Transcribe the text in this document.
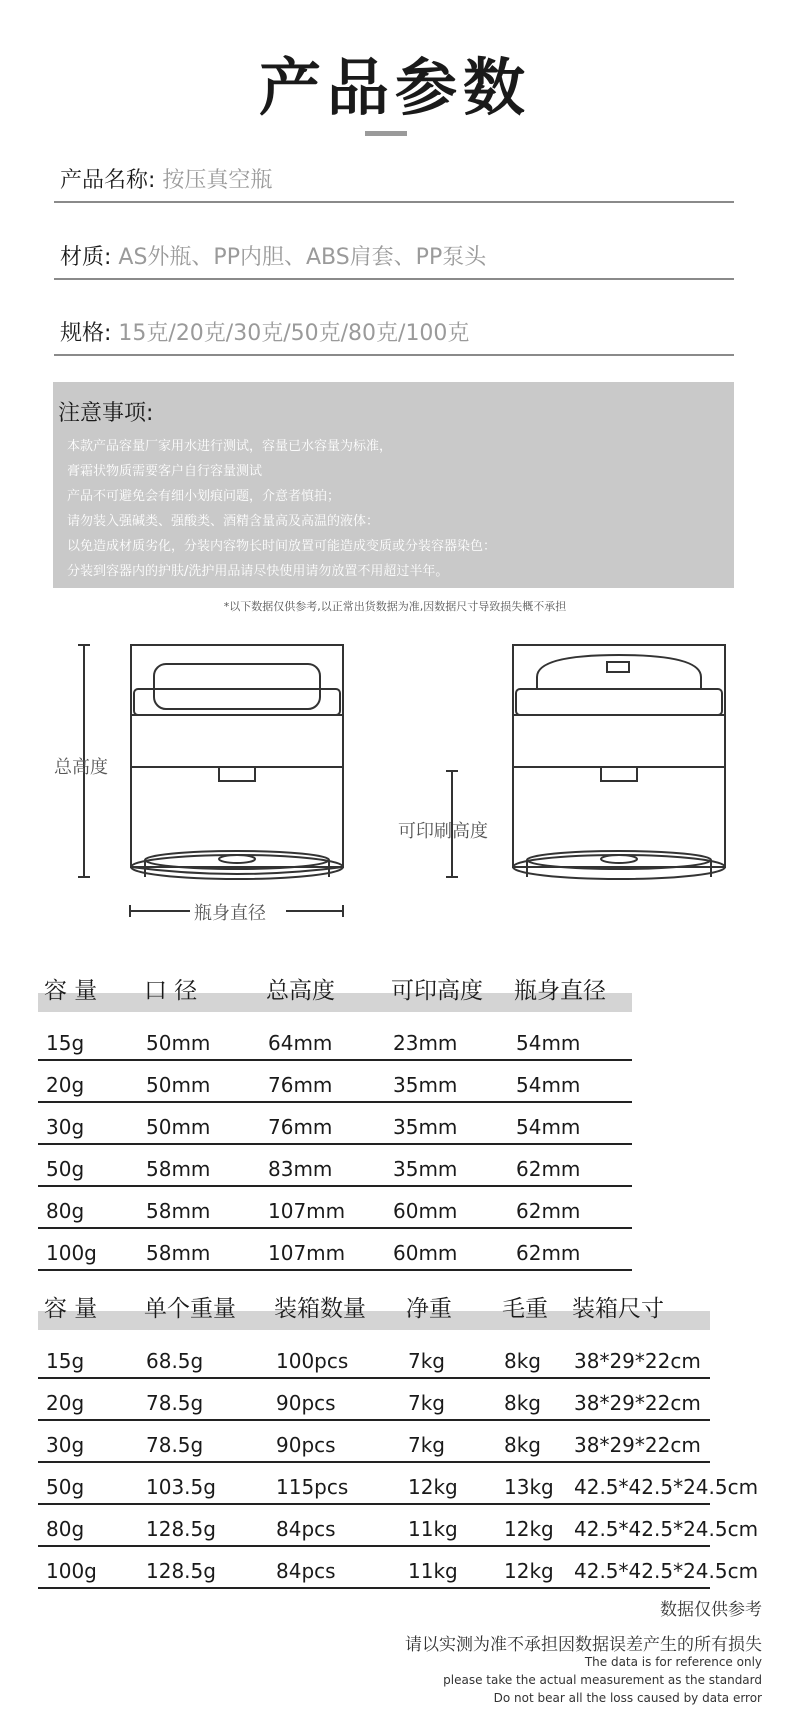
产品参数
产品名称: 按压真空瓶
材质: AS外瓶、PP内胆、ABS肩套、PP泵头
规格: 15克/20克/30克/50克/80克/100克
注意事项:
本款产品容量厂家用水进行测试，容量已水容量为标准，
膏霜状物质需要客户自行容量测试
产品不可避免会有细小划痕问题，介意者慎拍；
请勿装入强碱类、强酸类、酒精含量高及高温的液体：
以免造成材质劣化，分装内容物长时间放置可能造成变质或分装容器染色：
分装到容器内的护肤/洗护用品请尽快使用请勿放置不用超过半年。
*以下数据仅供参考,以正常出货数据为准,因数据尺寸导致损失概不承担
总高度
瓶身直径
可印刷高度
容 量	口 径	总高度	可印高度	瓶身直径

15g	50mm	64mm	23mm	54mm
20g	50mm	76mm	35mm	54mm
30g	50mm	76mm	35mm	54mm
50g	58mm	83mm	35mm	62mm
80g	58mm	107mm	60mm	62mm
100g	58mm	107mm	60mm	62mm
容 量	单个重量	装箱数量	净重	毛重	装箱尺寸

15g	68.5g	100pcs	7kg	8kg	38*29*22cm
20g	78.5g	90pcs	7kg	8kg	38*29*22cm
30g	78.5g	90pcs	7kg	8kg	38*29*22cm
50g	103.5g	115pcs	12kg	13kg	42.5*42.5*24.5cm
80g	128.5g	84pcs	11kg	12kg	42.5*42.5*24.5cm
100g	128.5g	84pcs	11kg	12kg	42.5*42.5*24.5cm
数据仅供参考
请以实测为准不承担因数据误差产生的所有损失
The data is for reference only
please take the actual measurement as the standard
Do not bear all the loss caused by data error
